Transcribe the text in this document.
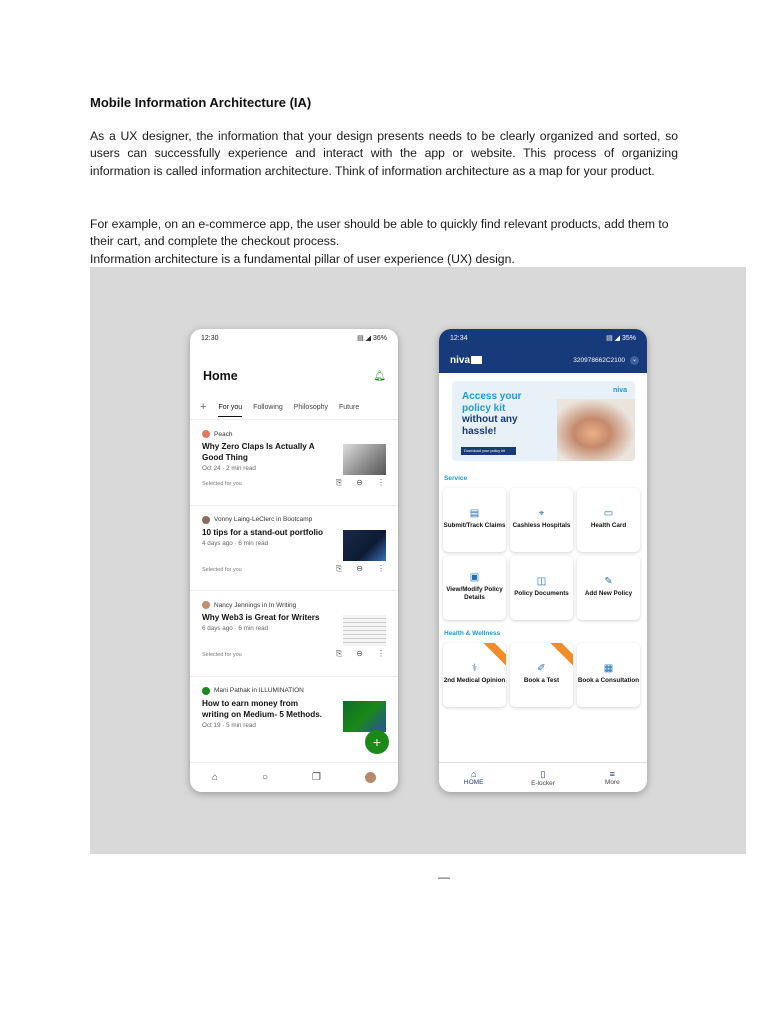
Mobile Information Architecture (IA)
As a UX designer, the information that your design presents needs to be clearly organized and sorted, so users can successfully experience and interact with the app or website. This process of organizing information is called information architecture. Think of information architecture as a map for your product.
For example, on an e-commerce app, the user should be able to quickly find relevant products, add them to their cart, and complete the checkout process.
Information architecture is a fundamental pillar of user experience (UX) design.
12:30	▤ ◢ 36%
Home	🔔︎
+ For you Following Philosophy Future
Peach
Why Zero Claps Is Actually A Good Thing
Oct 24 · 2 min read
Selected for you	⎘ ⊖ ⋮
Vonny Laing-LeClerc in Bootcamp
10 tips for a stand-out portfolio
4 days ago · 6 min read
Selected for you	⎘ ⊖ ⋮
Nancy Jennings in In Writing
Why Web3 is Great for Writers
6 days ago · 6 min read
Selected for you	⎘ ⊖ ⋮
Mani Pathak in ILLUMINATION
How to earn money from writing on Medium- 5 Methods.
Oct 19 · 5 min read
+
⌂	○	❐
12:34	▤ ◢ 35%
niva	320978662C2100	⌄
Access your
policy kit
without any
hassle!
Download your policy kit
niva
Service
▤
Submit/Track Claims
⌖
Cashless Hospitals
▭
Health Card
▣
View/Modify Policy Details
◫
Policy Documents
✎
Add New Policy
Health & Wellness
⚕
2nd Medical Opinion
✐
Book a Test
▦
Book a Consultation
⌂
HOME
▯
E-locker
≡
More
—
